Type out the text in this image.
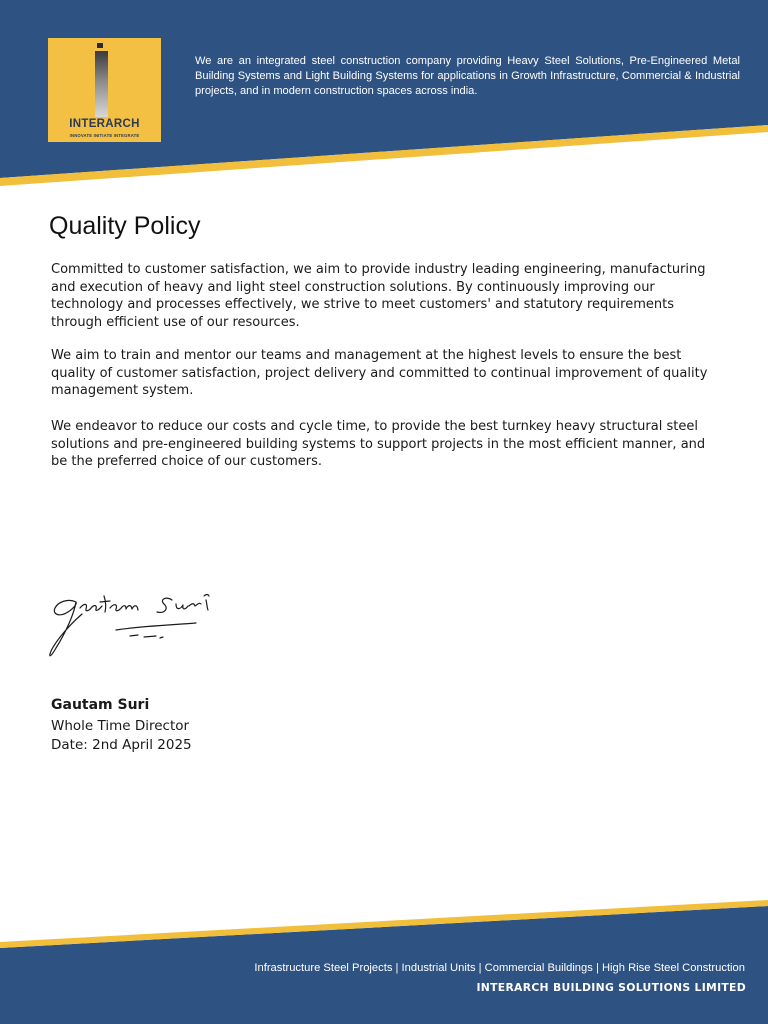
INTERARCH
INNOVATE INITIATE INTEGRATE
We are an integrated steel construction company providing Heavy Steel Solutions, Pre-Engineered Metal Building Systems and Light Building Systems for applications in Growth Infrastructure, Commercial & Industrial projects, and in modern construction spaces across india.
Quality Policy

Committed to customer satisfaction, we aim to provide industry leading engineering, manufacturing and execution of heavy and light steel construction solutions. By continuously improving our technology and processes effectively, we strive to meet customers' and statutory requirements through efficient use of our resources.

We aim to train and mentor our teams and management at the highest levels to ensure the best quality of customer satisfaction, project delivery and committed to continual improvement of quality management system.

We endeavor to reduce our costs and cycle time, to provide the best turnkey heavy structural steel solutions and pre-engineered building systems to support projects in the most efficient manner, and be the preferred choice of our customers.

Gautam Suri
Whole Time Director
Date: 2nd April 2025
Infrastructure Steel Projects | Industrial Units | Commercial Buildings | High Rise Steel Construction
INTERARCH BUILDING SOLUTIONS LIMITED
